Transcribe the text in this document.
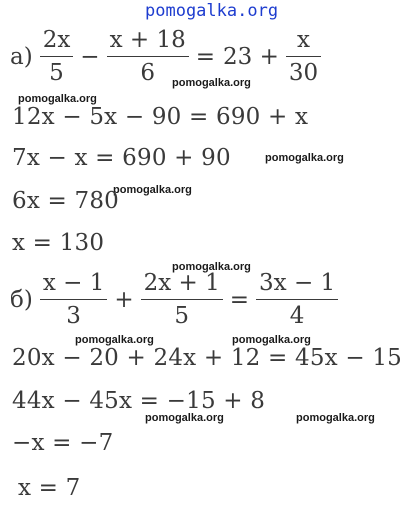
pomogalka.org
$а) \frac{2x}{5} - \frac{x + 18}{6} = 23 + \frac{x}{30}$
pomogalka.org
pomogalka.org
12x − 5x − 90 = 690 + x
7x − x = 690 + 90	pomogalka.org
pomogalka.org
6x = 780
x = 130
pomogalka.org
$б) \frac{x - 1}{3} + \frac{2x + 1}{5} = \frac{3x - 1}{4}$
pomogalka.org	pomogalka.org
20x − 20 + 24x + 12 = 45x − 15
44x − 45x = −15 + 8
pomogalka.org	pomogalka.org
−x = −7
x = 7
